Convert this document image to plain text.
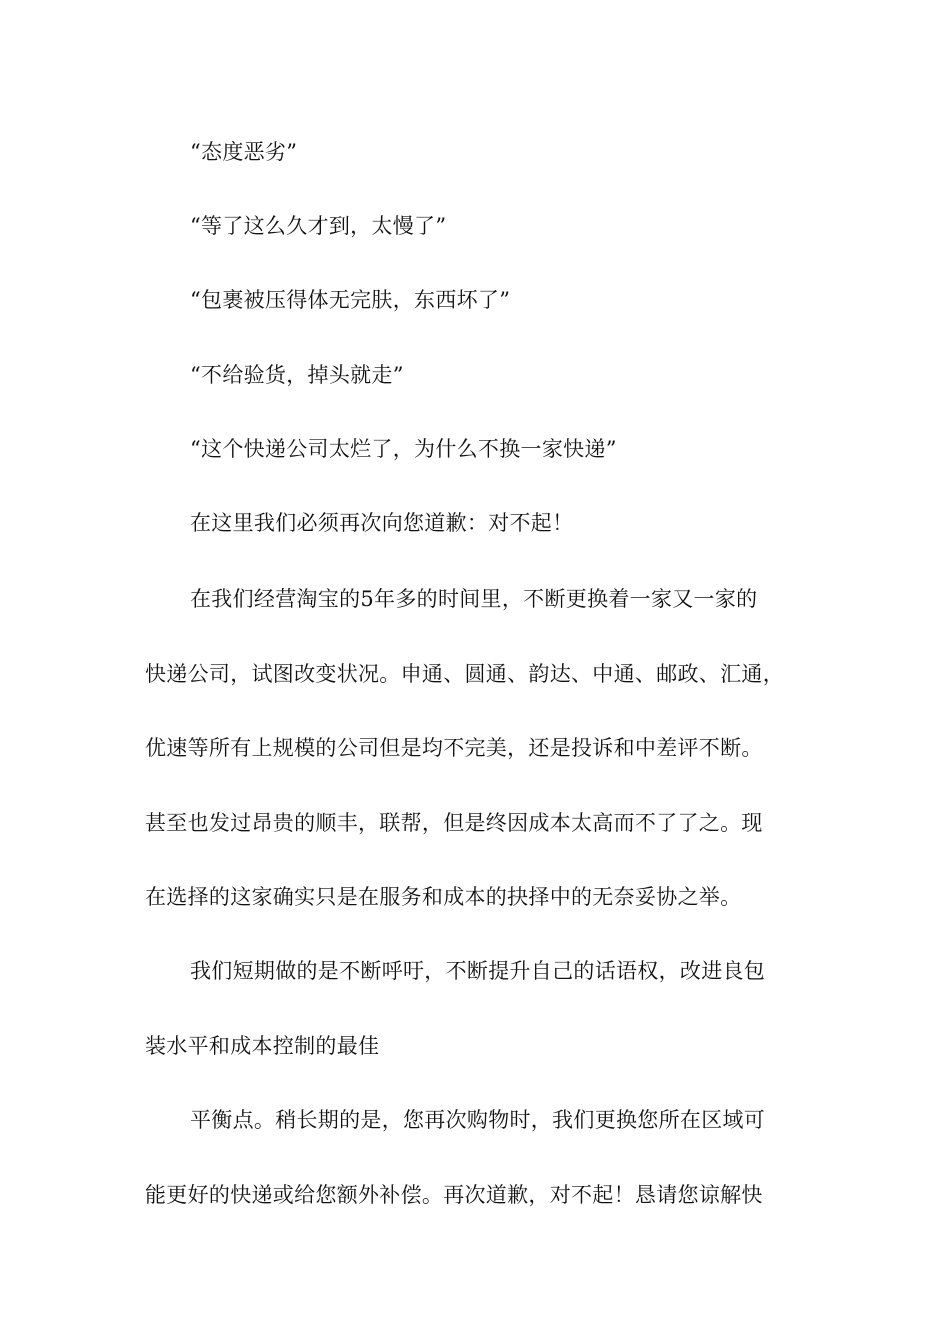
“态度恶劣”
“等了这么久才到，太慢了”
“包裹被压得体无完肤，东西坏了”
“不给验货，掉头就走”
“这个快递公司太烂了，为什么不换一家快递”
在这里我们必须再次向您道歉：对不起！
在我们经营淘宝的5年多的时间里，不断更换着一家又一家的
快递公司，试图改变状况。申通、圆通、韵达、中通、邮政、汇通，
优速等所有上规模的公司但是均不完美，还是投诉和中差评不断。
甚至也发过昂贵的顺丰，联帮，但是终因成本太高而不了了之。现
在选择的这家确实只是在服务和成本的抉择中的无奈妥协之举。
我们短期做的是不断呼吁，不断提升自己的话语权，改进良包
装水平和成本控制的最佳
平衡点。稍长期的是，您再次购物时，我们更换您所在区域可
能更好的快递或给您额外补偿。再次道歉，对不起！恳请您谅解快
